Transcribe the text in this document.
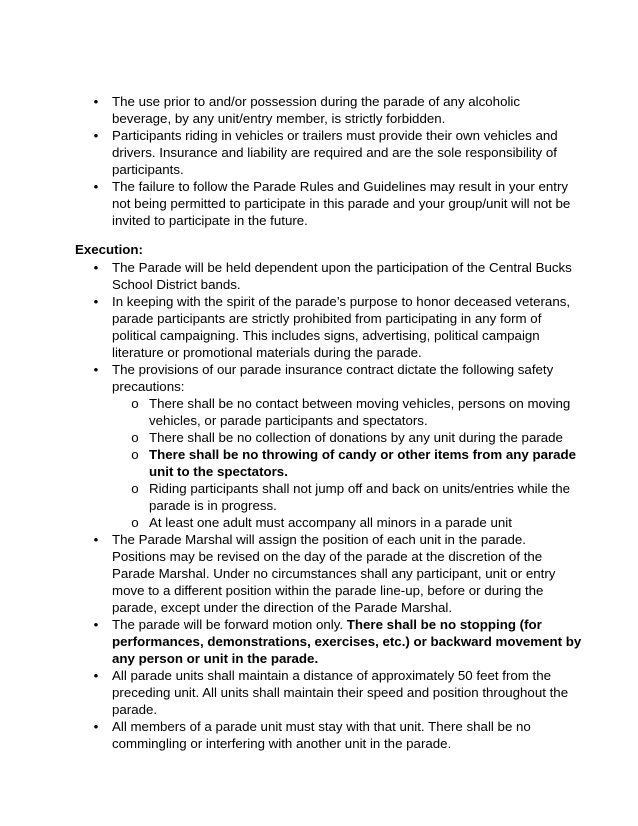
• The use prior to and/or possession during the parade of any alcoholic beverage, by any unit/entry member, is strictly forbidden.
• Participants riding in vehicles or trailers must provide their own vehicles and drivers. Insurance and liability are required and are the sole responsibility of participants.
• The failure to follow the Parade Rules and Guidelines may result in your entry not being permitted to participate in this parade and your group/unit will not be invited to participate in the future.
Execution:
• The Parade will be held dependent upon the participation of the Central Bucks School District bands.
• In keeping with the spirit of the parade’s purpose to honor deceased veterans, parade participants are strictly prohibited from participating in any form of political campaigning. This includes signs, advertising, political campaign literature or promotional materials during the parade.
• The provisions of our parade insurance contract dictate the following safety precautions:
o There shall be no contact between moving vehicles, persons on moving vehicles, or parade participants and spectators.
o There shall be no collection of donations by any unit during the parade
o There shall be no throwing of candy or other items from any parade unit to the spectators.
o Riding participants shall not jump off and back on units/entries while the parade is in progress.
o At least one adult must accompany all minors in a parade unit
• The Parade Marshal will assign the position of each unit in the parade. Positions may be revised on the day of the parade at the discretion of the Parade Marshal. Under no circumstances shall any participant, unit or entry move to a different position within the parade line-up, before or during the parade, except under the direction of the Parade Marshal.
• The parade will be forward motion only. There shall be no stopping (for performances, demonstrations, exercises, etc.) or backward movement by any person or unit in the parade.
• All parade units shall maintain a distance of approximately 50 feet from the preceding unit. All units shall maintain their speed and position throughout the parade.
• All members of a parade unit must stay with that unit. There shall be no commingling or interfering with another unit in the parade.
